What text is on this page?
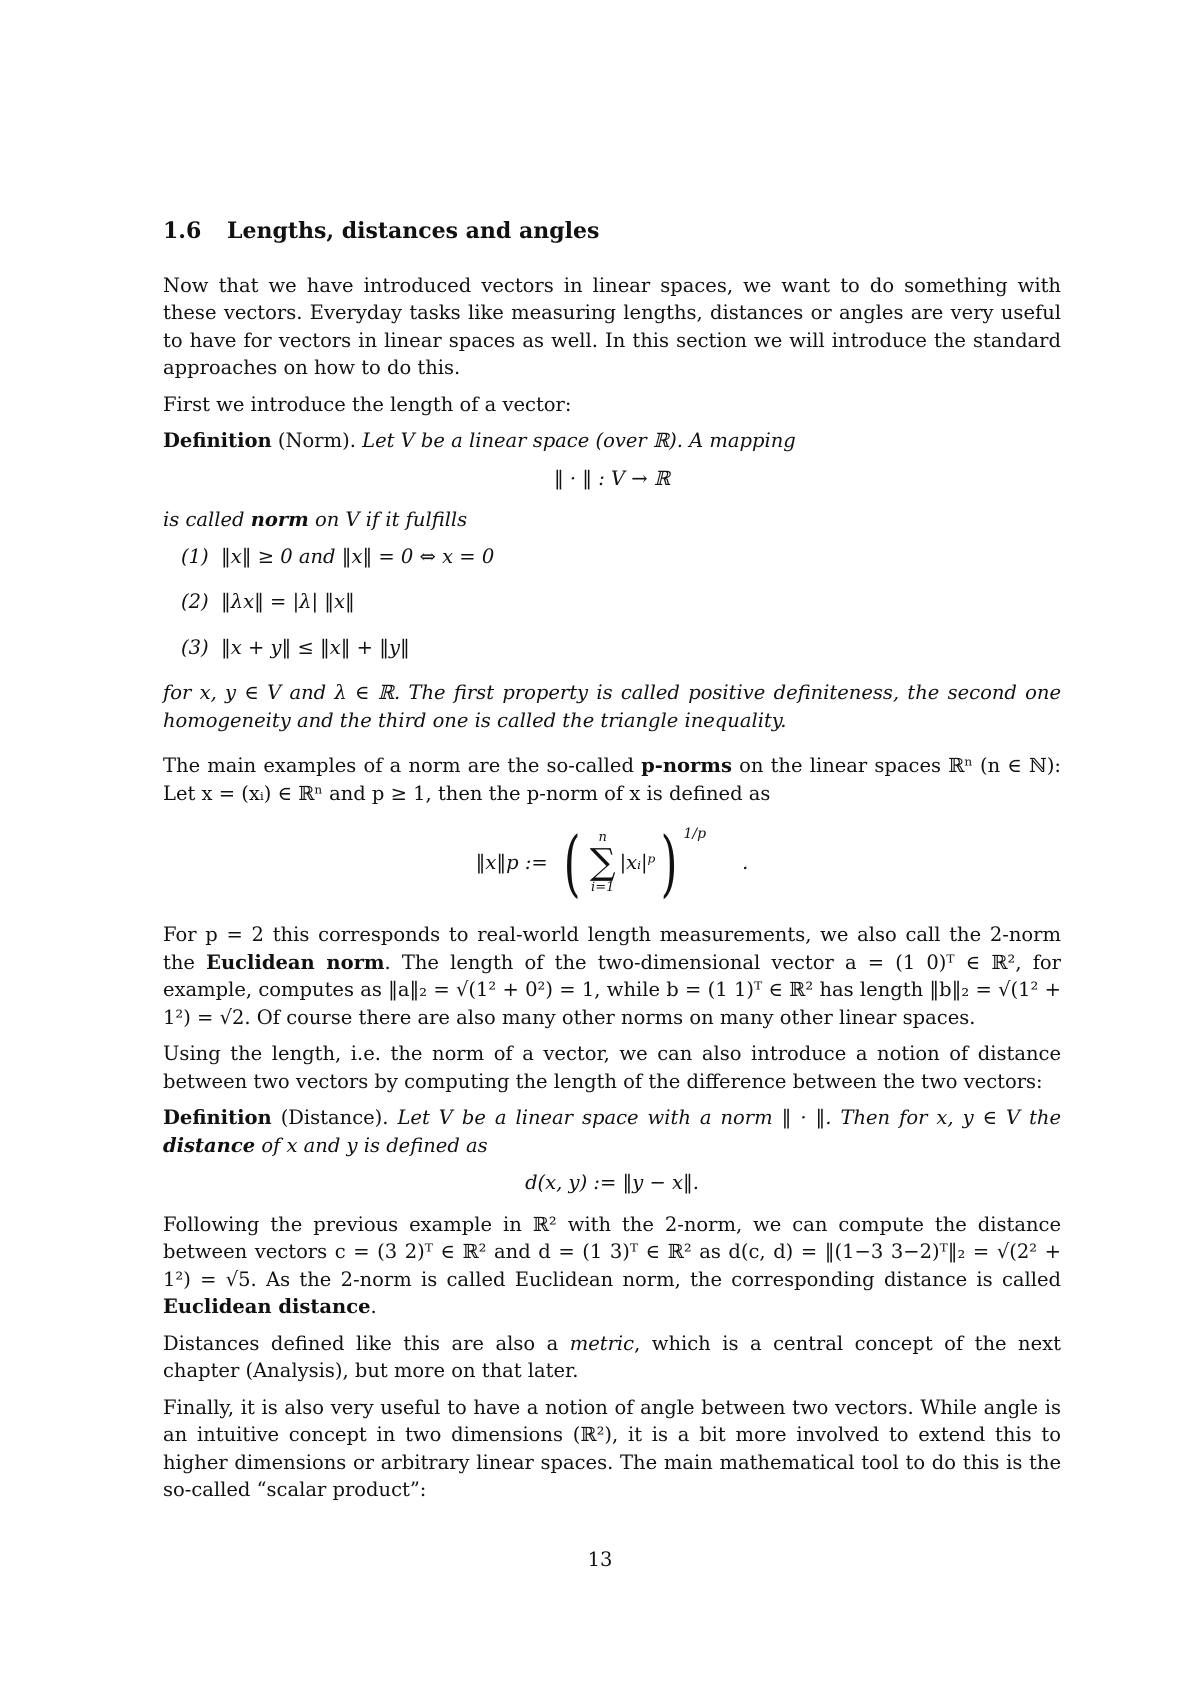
1.6 Lengths, distances and angles

Now that we have introduced vectors in linear spaces, we want to do something with these vectors. Everyday tasks like measuring lengths, distances or angles are very useful to have for vectors in linear spaces as well. In this section we will introduce the standard approaches on how to do this.

First we introduce the length of a vector:

Definition (Norm). Let V be a linear space (over ℝ). A mapping

‖ · ‖ : V → ℝ

is called norm on V if it fulfills

(1) ‖x‖ ≥ 0 and ‖x‖ = 0 ⇔ x = 0
(2) ‖λx‖ = |λ| ‖x‖
(3) ‖x + y‖ ≤ ‖x‖ + ‖y‖

for x, y ∈ V and λ ∈ ℝ. The first property is called positive definiteness, the second one homogeneity and the third one is called the triangle inequality.

The main examples of a norm are the so-called p-norms on the linear spaces ℝⁿ (n ∈ ℕ): Let x = (xᵢ) ∈ ℝⁿ and p ≥ 1, then the p-norm of x is defined as

‖x‖p := ( n
∑
i=1
|xᵢ|ᵖ ) 1/p
.

For p = 2 this corresponds to real-world length measurements, we also call the 2-norm the Euclidean norm. The length of the two-dimensional vector a = (1 0)ᵀ ∈ ℝ², for example, computes as ‖a‖₂ = √(1² + 0²) = 1, while b = (1 1)ᵀ ∈ ℝ² has length ‖b‖₂ = √(1² + 1²) = √2. Of course there are also many other norms on many other linear spaces.

Using the length, i.e. the norm of a vector, we can also introduce a notion of distance between two vectors by computing the length of the difference between the two vectors:

Definition (Distance). Let V be a linear space with a norm ‖ · ‖. Then for x, y ∈ V the distance of x and y is defined as

d(x, y) := ‖y − x‖.

Following the previous example in ℝ² with the 2-norm, we can compute the distance between vectors c = (3 2)ᵀ ∈ ℝ² and d = (1 3)ᵀ ∈ ℝ² as d(c, d) = ‖(1−3 3−2)ᵀ‖₂ = √(2² + 1²) = √5. As the 2-norm is called Euclidean norm, the corresponding distance is called Euclidean distance.

Distances defined like this are also a metric, which is a central concept of the next chapter (Analysis), but more on that later.

Finally, it is also very useful to have a notion of angle between two vectors. While angle is an intuitive concept in two dimensions (ℝ²), it is a bit more involved to extend this to higher dimensions or arbitrary linear spaces. The main mathematical tool to do this is the so-called “scalar product”:

13
